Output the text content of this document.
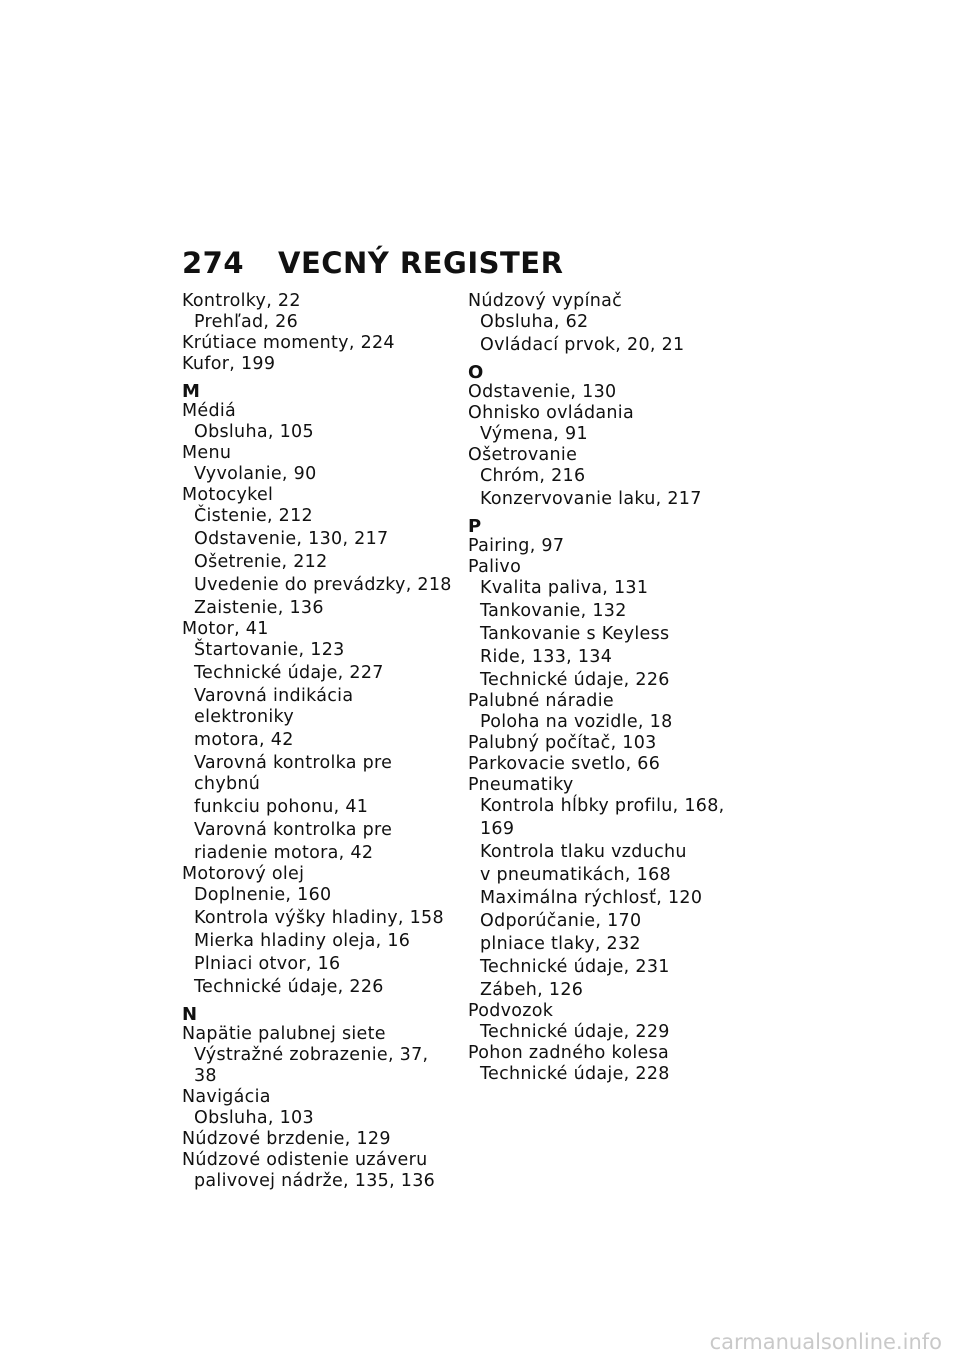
274	VECNÝ REGISTER
Kontrolky, 22
Prehľad, 26
Krútiace momenty, 224
Kufor, 199
M
Médiá
Obsluha, 105
Menu
Vyvolanie, 90
Motocykel
Čistenie, 212
Odstavenie, 130, 217
Ošetrenie, 212
Uvedenie do prevádzky, 218
Zaistenie, 136
Motor, 41
Štartovanie, 123
Technické údaje, 227
Varovná indikácia elektroniky
motora, 42
Varovná kontrolka pre chybnú
funkciu pohonu, 41
Varovná kontrolka pre
riadenie motora, 42
Motorový olej
Doplnenie, 160
Kontrola výšky hladiny, 158
Mierka hladiny oleja, 16
Plniaci otvor, 16
Technické údaje, 226
N
Napätie palubnej siete
Výstražné zobrazenie, 37, 38
Navigácia
Obsluha, 103
Núdzové brzdenie, 129
Núdzové odistenie uzáveru
palivovej nádrže, 135, 136
Núdzový vypínač
Obsluha, 62
Ovládací prvok, 20, 21
O
Odstavenie, 130
Ohnisko ovládania
Výmena, 91
Ošetrovanie
Chróm, 216
Konzervovanie laku, 217
P
Pairing, 97
Palivo
Kvalita paliva, 131
Tankovanie, 132
Tankovanie s Keyless
Ride, 133, 134
Technické údaje, 226
Palubné náradie
Poloha na vozidle, 18
Palubný počítač, 103
Parkovacie svetlo, 66
Pneumatiky
Kontrola hĺbky profilu, 168,
169
Kontrola tlaku vzduchu
v pneumatikách, 168
Maximálna rýchlosť, 120
Odporúčanie, 170
plniace tlaky, 232
Technické údaje, 231
Zábeh, 126
Podvozok
Technické údaje, 229
Pohon zadného kolesa
Technické údaje, 228
carmanualsonline.info
